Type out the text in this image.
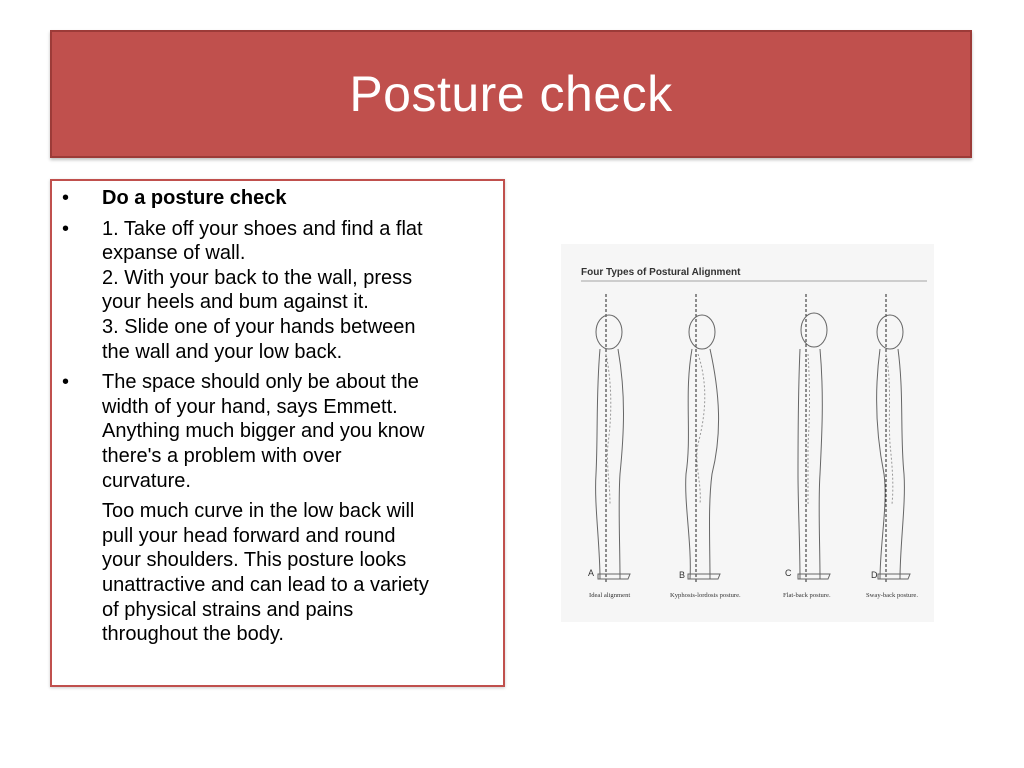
Posture check
• Do a posture check
• 1. Take off your shoes and find a flat
expanse of wall.
2. With your back to the wall, press
your heels and bum against it.
3. Slide one of your hands between
the wall and your low back.
• The space should only be about the
width of your hand, says Emmett.
Anything much bigger and you know
there's a problem with over
curvature.
Too much curve in the low back will
pull your head forward and round
your shoulders. This posture looks
unattractive and can lead to a variety
of physical strains and pains
throughout the body.
Four Types of Postural Alignment
A	B	C	D
Ideal alignment	Kyphosis-lordosis posture.	Flat-back posture.	Sway-back posture.
